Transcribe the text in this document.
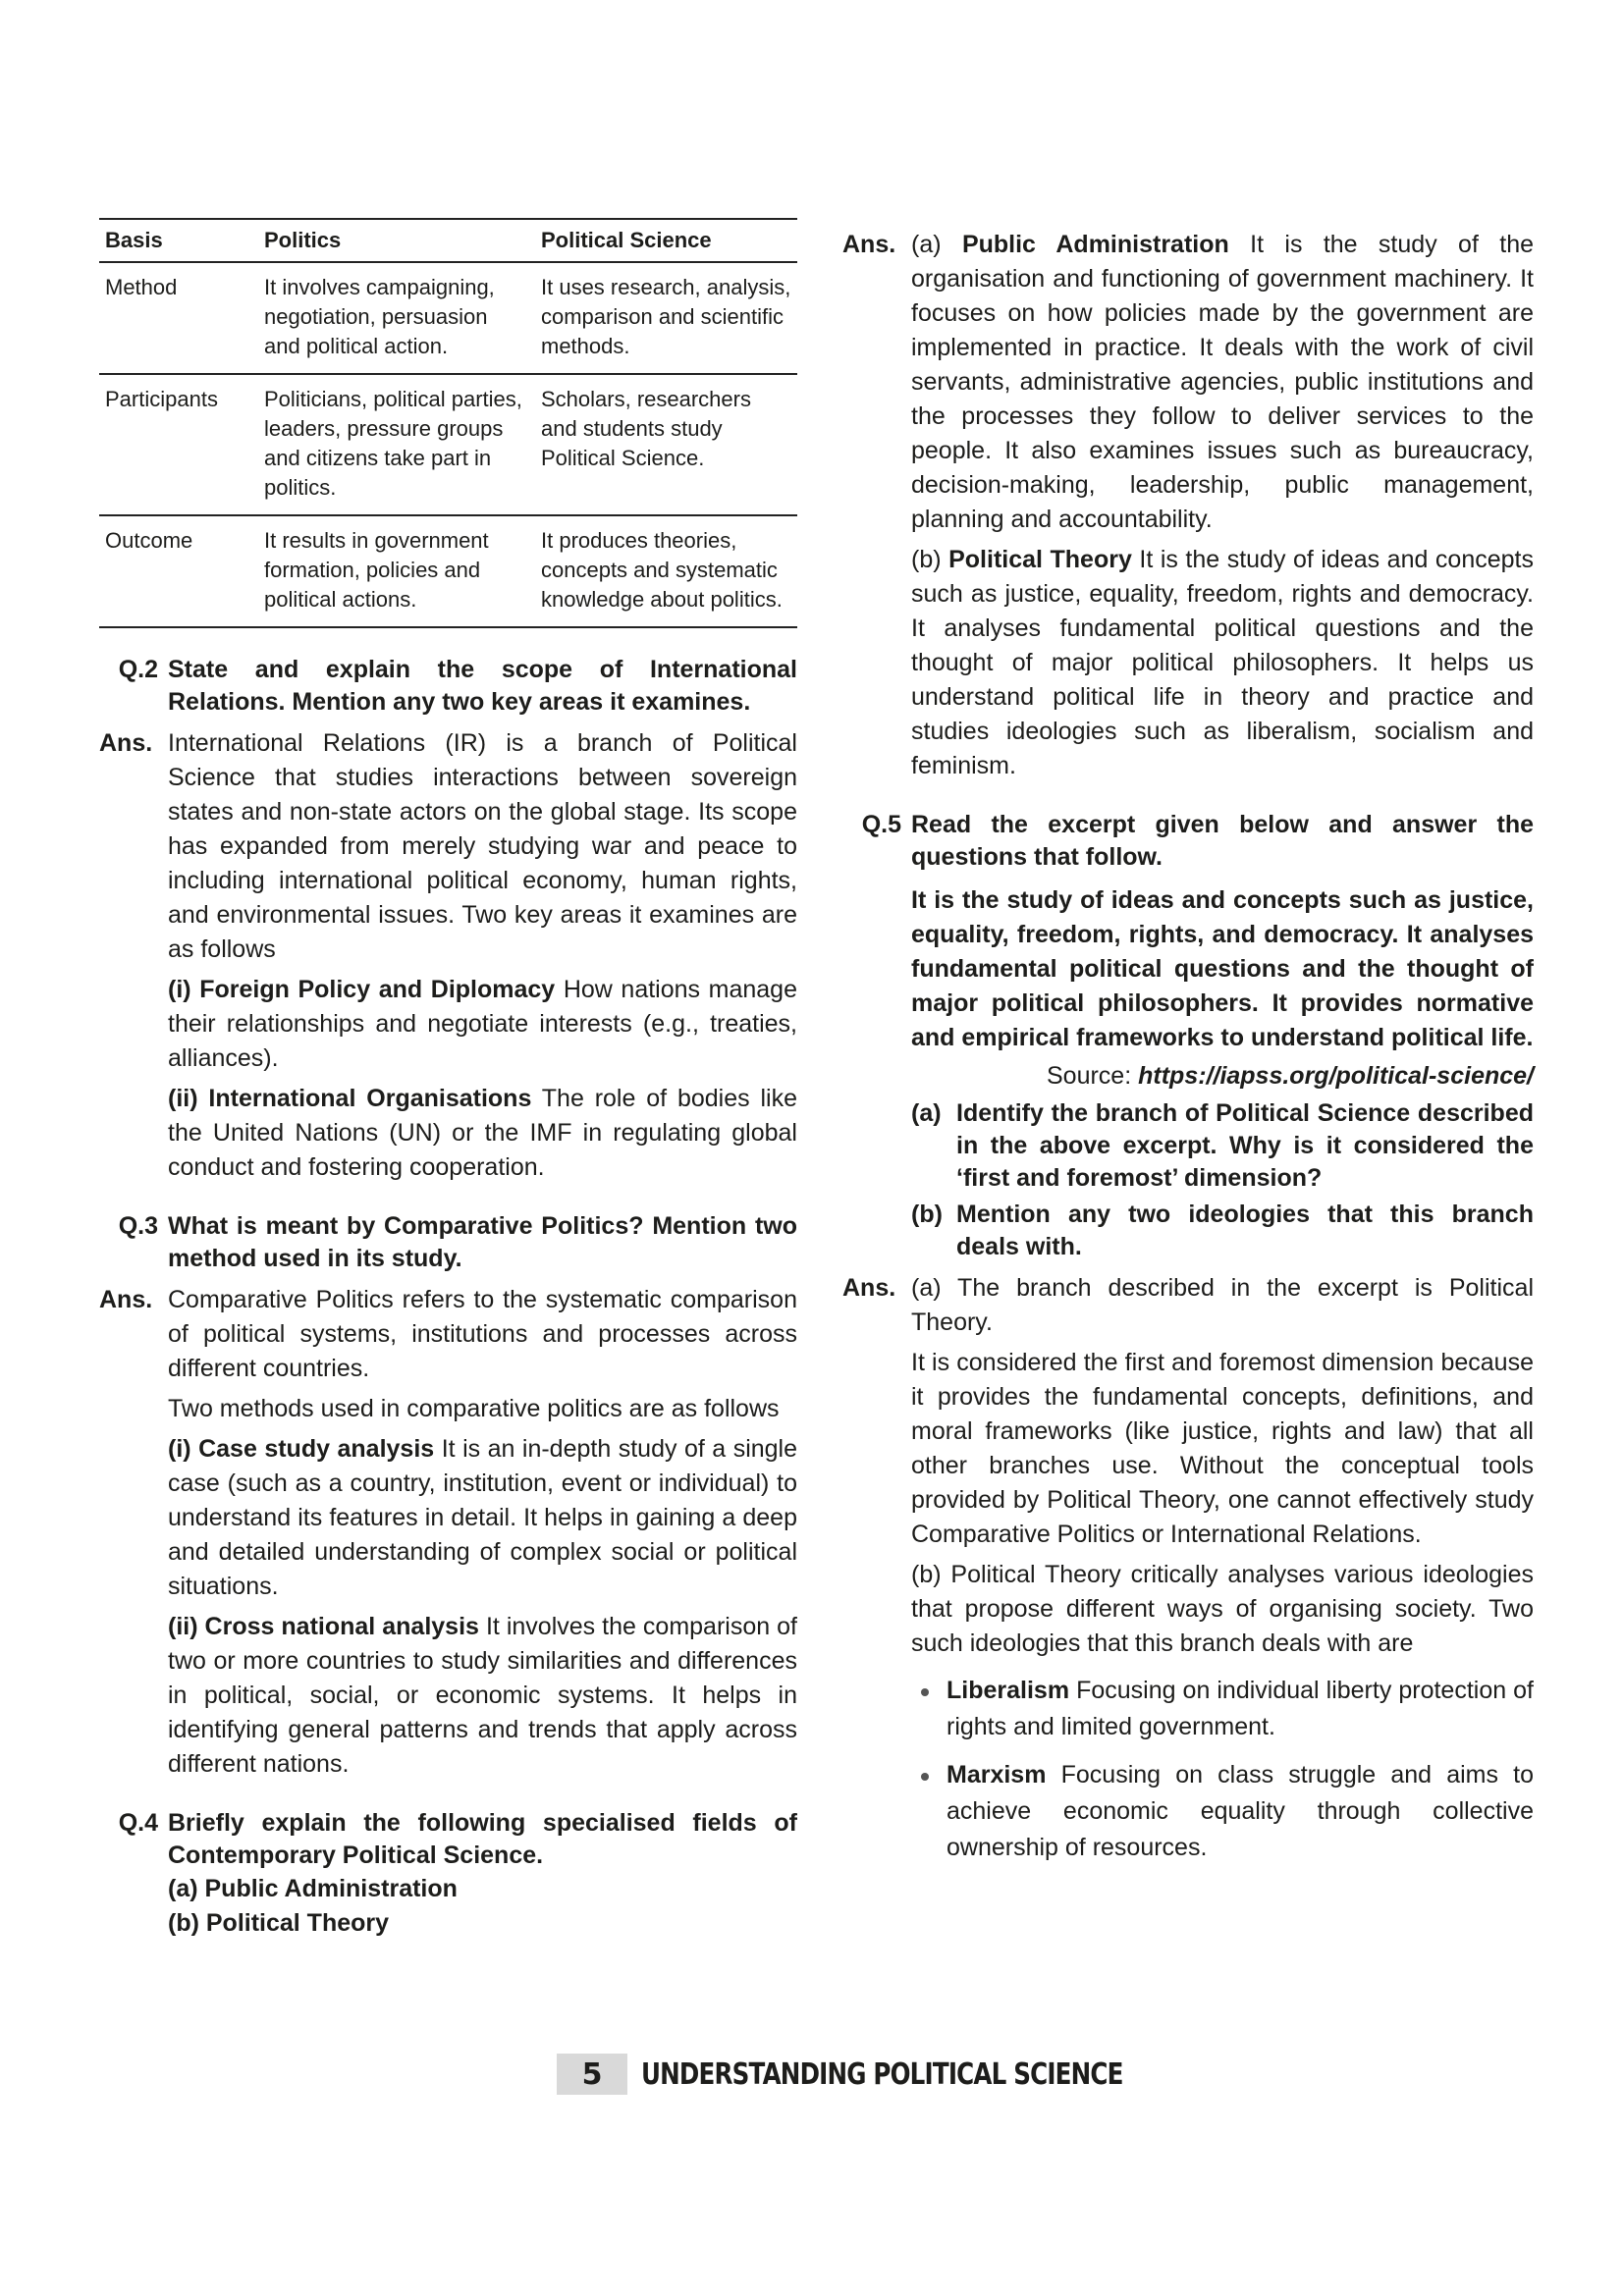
Basis	Politics	Political Science
Method	It involves campaigning, negotiation, persuasion and political action.	It uses research, analysis, comparison and scientific methods.
Participants	Politicians, political parties, leaders, pressure groups and citizens take part in politics.	Scholars, researchers and students study Political Science.
Outcome	It results in government formation, policies and political actions.	It produces theories, concepts and systematic knowledge about politics.
Q.2 State and explain the scope of International Relations. Mention any two key areas it examines.
Ans. International Relations (IR) is a branch of Political Science that studies interactions between sovereign states and non-state actors on the global stage. Its scope has expanded from merely studying war and peace to including international political economy, human rights, and environmental issues. Two key areas it examines are as follows

(i) Foreign Policy and Diplomacy How nations manage their relationships and negotiate interests (e.g., treaties, alliances).

(ii) International Organisations The role of bodies like the United Nations (UN) or the IMF in regulating global conduct and fostering cooperation.

Q.3 What is meant by Comparative Politics? Mention two method used in its study.
Ans. Comparative Politics refers to the systematic comparison of political systems, institutions and processes across different countries.

Two methods used in comparative politics are as follows

(i) Case study analysis It is an in-depth study of a single case (such as a country, institution, event or individual) to understand its features in detail. It helps in gaining a deep and detailed understanding of complex social or political situations.

(ii) Cross national analysis It involves the comparison of two or more countries to study similarities and differences in political, social, or economic systems. It helps in identifying general patterns and trends that apply across different nations.

Q.4 Briefly explain the following specialised fields of Contemporary Political Science.
(a) Public Administration
(b) Political Theory
Ans. (a) Public Administration It is the study of the organisation and functioning of government machinery. It focuses on how policies made by the government are implemented in practice. It deals with the work of civil servants, administrative agencies, public institutions and the processes they follow to deliver services to the people. It also examines issues such as bureaucracy, decision-making, leadership, public management, planning and accountability.

(b) Political Theory It is the study of ideas and concepts such as justice, equality, freedom, rights and democracy. It analyses fundamental political questions and the thought of major political philosophers. It helps us understand political life in theory and practice and studies ideologies such as liberalism, socialism and feminism.

Q.5 Read the excerpt given below and answer the questions that follow.
It is the study of ideas and concepts such as justice, equality, freedom, rights, and democracy. It analyses fundamental political questions and the thought of major political philosophers. It provides normative and empirical frameworks to understand political life.
Source: https://iapss.org/political-science/
(a) Identify the branch of Political Science described in the above excerpt. Why is it considered the ‘first and foremost’ dimension?
(b) Mention any two ideologies that this branch deals with.
Ans. (a) The branch described in the excerpt is Political Theory.

It is considered the first and foremost dimension because it provides the fundamental concepts, definitions, and moral frameworks (like justice, rights and law) that all other branches use. Without the conceptual tools provided by Political Theory, one cannot effectively study Comparative Politics or International Relations.

(b) Political Theory critically analyses various ideologies that propose different ways of organising society. Two such ideologies that this branch deals with are

Liberalism Focusing on individual liberty protection of rights and limited government.
Marxism Focusing on class struggle and aims to achieve economic equality through collective ownership of resources.
5	UNDERSTANDING POLITICAL SCIENCE
